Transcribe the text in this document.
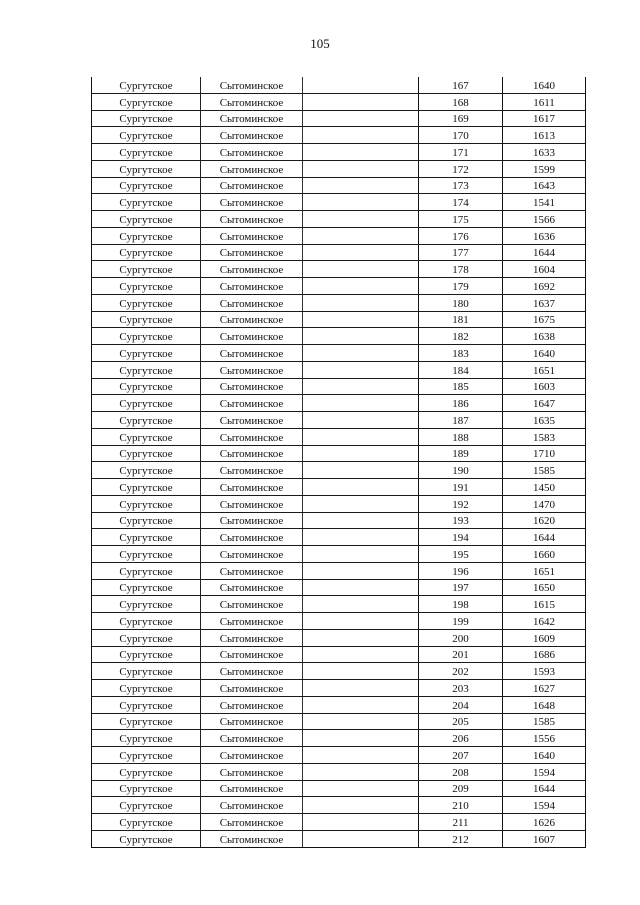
105
Сургутское	Сытоминское		167	1640
Сургутское	Сытоминское		168	1611
Сургутское	Сытоминское		169	1617
Сургутское	Сытоминское		170	1613
Сургутское	Сытоминское		171	1633
Сургутское	Сытоминское		172	1599
Сургутское	Сытоминское		173	1643
Сургутское	Сытоминское		174	1541
Сургутское	Сытоминское		175	1566
Сургутское	Сытоминское		176	1636
Сургутское	Сытоминское		177	1644
Сургутское	Сытоминское		178	1604
Сургутское	Сытоминское		179	1692
Сургутское	Сытоминское		180	1637
Сургутское	Сытоминское		181	1675
Сургутское	Сытоминское		182	1638
Сургутское	Сытоминское		183	1640
Сургутское	Сытоминское		184	1651
Сургутское	Сытоминское		185	1603
Сургутское	Сытоминское		186	1647
Сургутское	Сытоминское		187	1635
Сургутское	Сытоминское		188	1583
Сургутское	Сытоминское		189	1710
Сургутское	Сытоминское		190	1585
Сургутское	Сытоминское		191	1450
Сургутское	Сытоминское		192	1470
Сургутское	Сытоминское		193	1620
Сургутское	Сытоминское		194	1644
Сургутское	Сытоминское		195	1660
Сургутское	Сытоминское		196	1651
Сургутское	Сытоминское		197	1650
Сургутское	Сытоминское		198	1615
Сургутское	Сытоминское		199	1642
Сургутское	Сытоминское		200	1609
Сургутское	Сытоминское		201	1686
Сургутское	Сытоминское		202	1593
Сургутское	Сытоминское		203	1627
Сургутское	Сытоминское		204	1648
Сургутское	Сытоминское		205	1585
Сургутское	Сытоминское		206	1556
Сургутское	Сытоминское		207	1640
Сургутское	Сытоминское		208	1594
Сургутское	Сытоминское		209	1644
Сургутское	Сытоминское		210	1594
Сургутское	Сытоминское		211	1626
Сургутское	Сытоминское		212	1607
